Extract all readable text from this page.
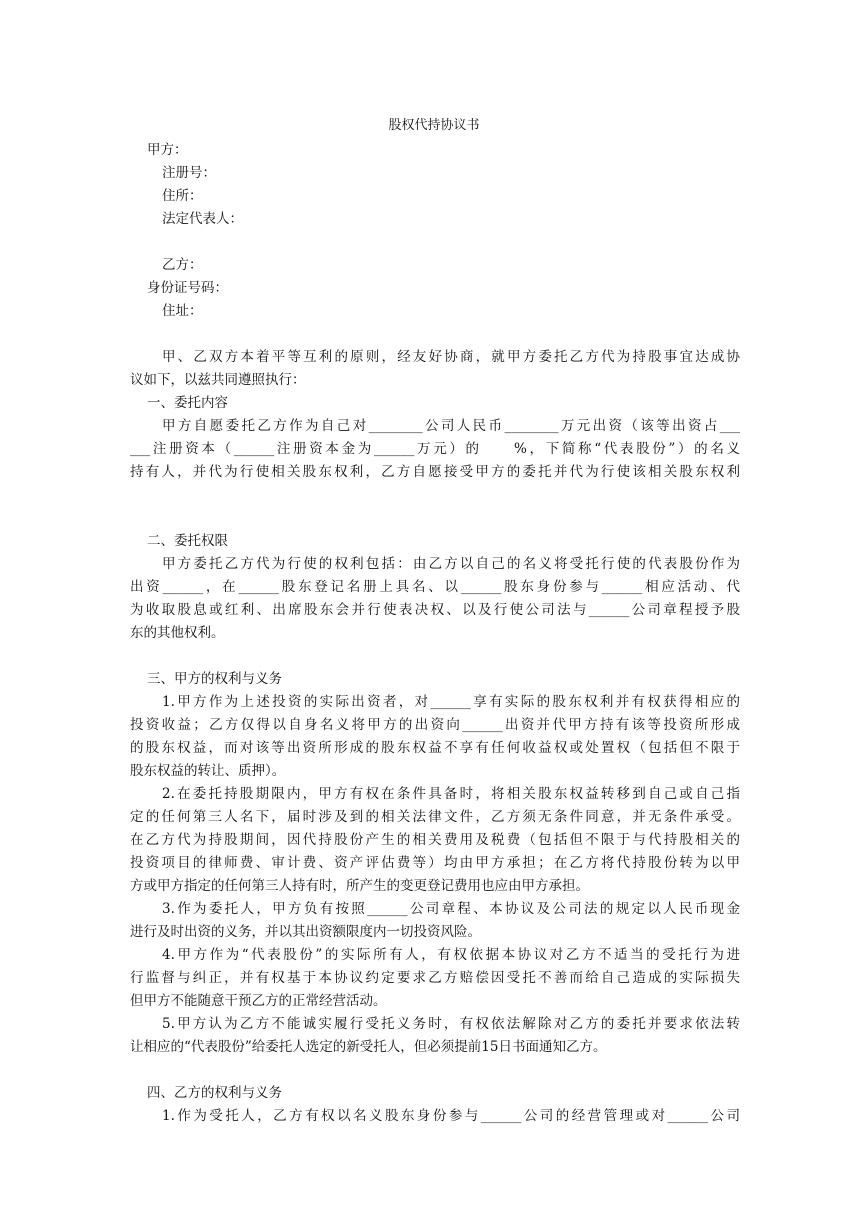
股权代持协议书
甲方：
注册号：
住所：
法定代表人：
乙方：
身份证号码：
住址：
甲、乙双方本着平等互利的原则，经友好协商，就甲方委托乙方代为持股事宜达成协
议如下，以兹共同遵照执行：
一、委托内容
甲方自愿委托乙方作为自己对________公司人民币________万元出资（该等出资占___
___注册资本（______注册资本金为______万元）的　　%，下简称“代表股份”）的名义
持有人，并代为行使相关股东权利，乙方自愿接受甲方的委托并代为行使该相关股东权利
二、委托权限
甲方委托乙方代为行使的权利包括：由乙方以自己的名义将受托行使的代表股份作为
出资______，在______股东登记名册上具名、以______股东身份参与______相应活动、代
为收取股息或红利、出席股东会并行使表决权、以及行使公司法与______公司章程授予股
东的其他权利。
三、甲方的权利与义务
1.甲方作为上述投资的实际出资者，对______享有实际的股东权利并有权获得相应的
投资收益；乙方仅得以自身名义将甲方的出资向______出资并代甲方持有该等投资所形成
的股东权益，而对该等出资所形成的股东权益不享有任何收益权或处置权（包括但不限于
股东权益的转让、质押）。
2.在委托持股期限内，甲方有权在条件具备时，将相关股东权益转移到自己或自己指
定的任何第三人名下，届时涉及到的相关法律文件，乙方须无条件同意，并无条件承受。
在乙方代为持股期间，因代持股份产生的相关费用及税费（包括但不限于与代持股相关的
投资项目的律师费、审计费、资产评估费等）均由甲方承担；在乙方将代持股份转为以甲
方或甲方指定的任何第三人持有时，所产生的变更登记费用也应由甲方承担。
3.作为委托人，甲方负有按照______公司章程、本协议及公司法的规定以人民币现金
进行及时出资的义务，并以其出资额限度内一切投资风险。
4.甲方作为“代表股份”的实际所有人，有权依据本协议对乙方不适当的受托行为进
行监督与纠正，并有权基于本协议约定要求乙方赔偿因受托不善而给自己造成的实际损失
但甲方不能随意干预乙方的正常经营活动。
5.甲方认为乙方不能诚实履行受托义务时，有权依法解除对乙方的委托并要求依法转
让相应的“代表股份”给委托人选定的新受托人，但必须提前15日书面通知乙方。
四、乙方的权利与义务
1.作为受托人，乙方有权以名义股东身份参与______公司的经营管理或对______公司
